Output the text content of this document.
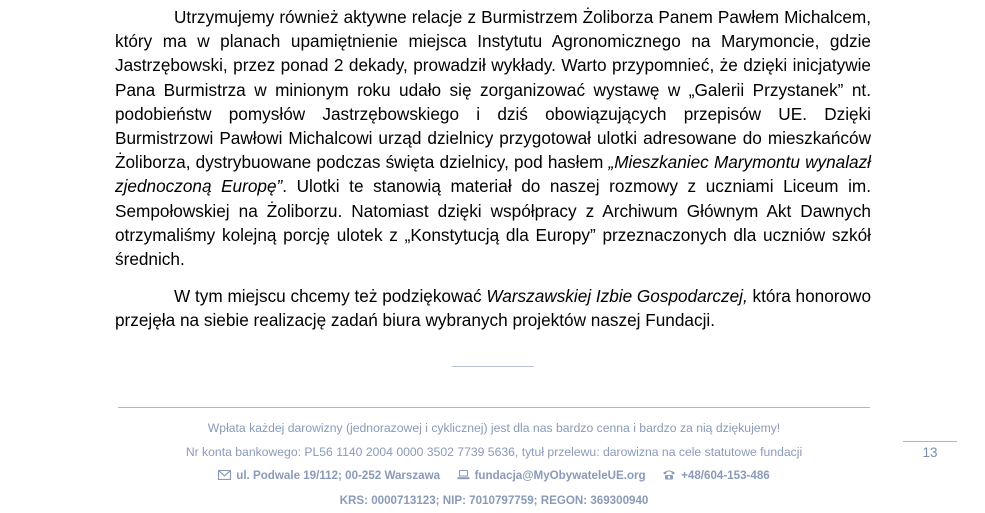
Utrzymujemy również aktywne relacje z Burmistrzem Żoliborza Panem Pawłem Michalcem, który ma w planach upamiętnienie miejsca Instytutu Agronomicznego na Marymoncie, gdzie Jastrzębowski, przez ponad 2 dekady, prowadził wykłady. Warto przypomnieć, że dzięki inicjatywie Pana Burmistrza w minionym roku udało się zorganizować wystawę w „Galerii Przystanek” nt. podobieństw pomysłów Jastrzębowskiego i dziś obowiązujących przepisów UE. Dzięki Burmistrzowi Pawłowi Michalcowi urząd dzielnicy przygotował ulotki adresowane do mieszkańców Żoliborza, dystrybuowane podczas święta dzielnicy, pod hasłem „Mieszkaniec Marymontu wynalazł zjednoczoną Europę”. Ulotki te stanowią materiał do naszej rozmowy z uczniami Liceum im. Sempołowskiej na Żoliborzu. Natomiast dzięki współpracy z Archiwum Głównym Akt Dawnych otrzymaliśmy kolejną porcję ulotek z „Konstytucją dla Europy” przeznaczonych dla uczniów szkół średnich.

W tym miejscu chcemy też podziękować Warszawskiej Izbie Gospodarczej, która honorowo przejęła na siebie realizację zadań biura wybranych projektów naszej Fundacji.

Wpłata każdej darowizny (jednorazowej i cyklicznej) jest dla nas bardzo cenna i bardzo za nią dziękujemy!
Nr konta bankowego: PL56 1140 2004 0000 3502 7739 5636, tytuł przelewu: darowizna na cele statutowe fundacji
ul. Podwale 19/112; 00-252 Warszawa	fundacja@MyObywateleUE.org	+48/604-153-486
KRS: 0000713123; NIP: 7010797759; REGON: 369300940
13
